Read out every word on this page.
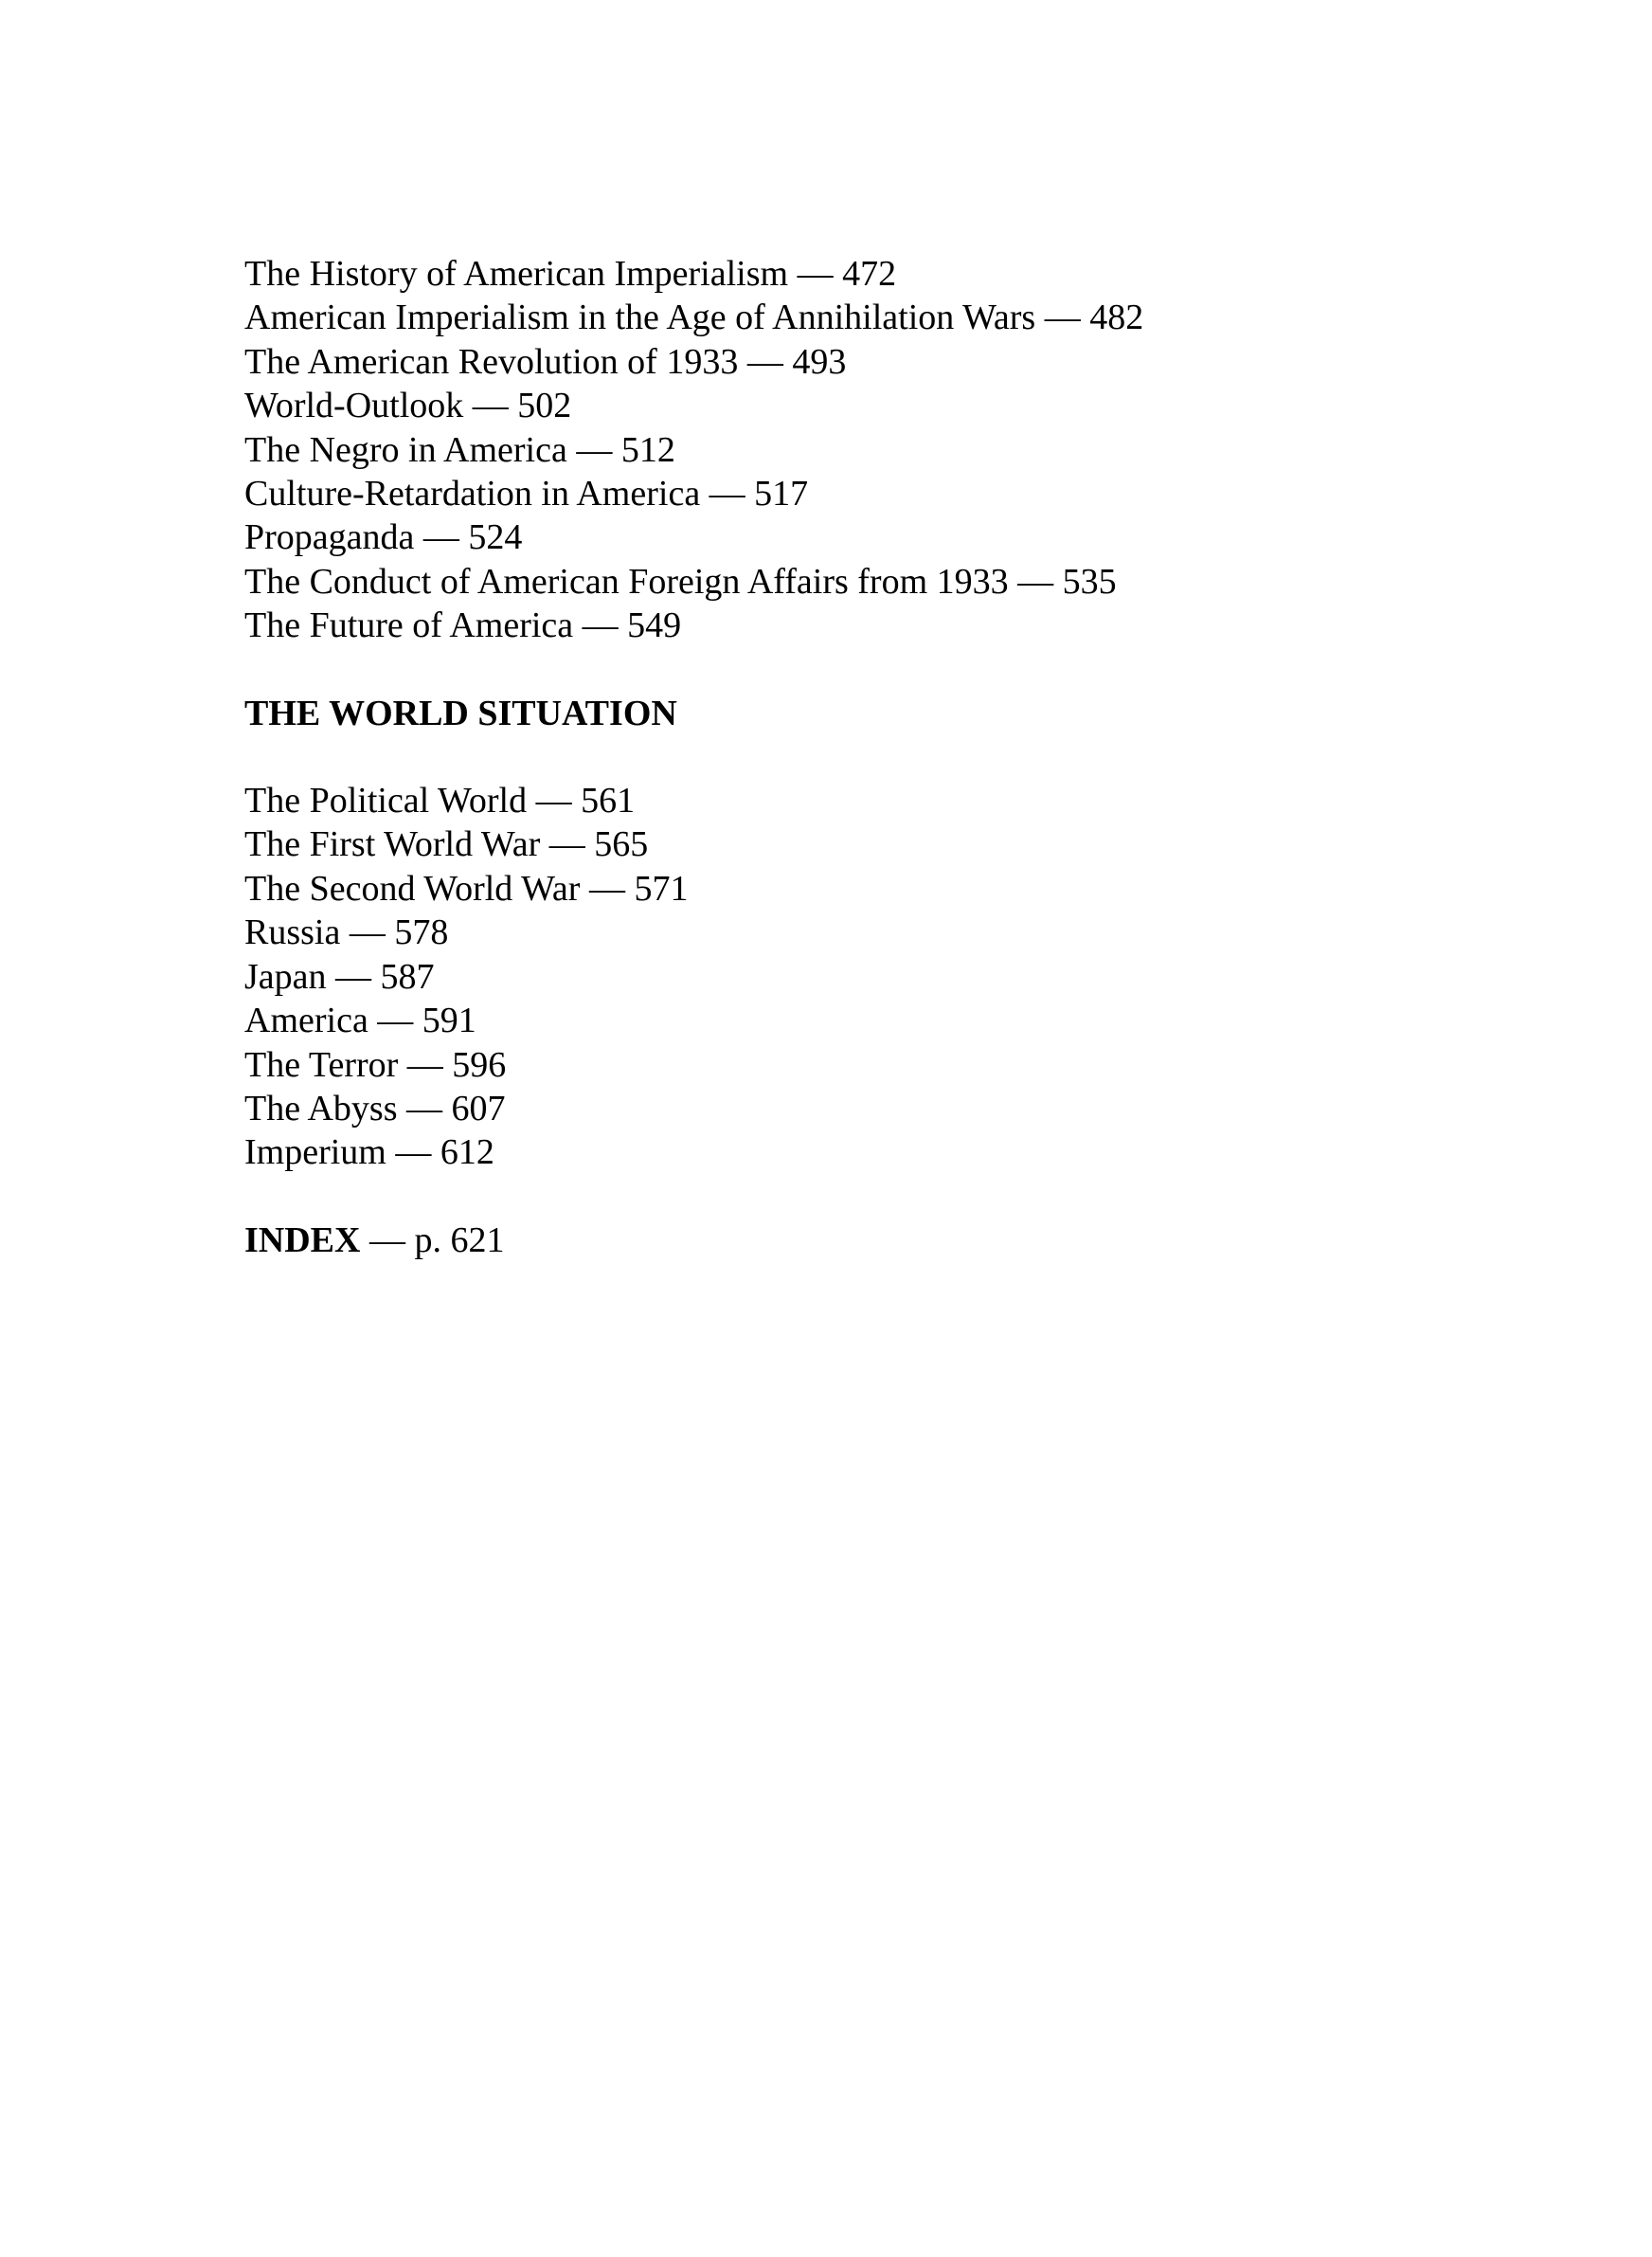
The History of American Imperialism — 472
American Imperialism in the Age of Annihilation Wars — 482
The American Revolution of 1933 — 493
World-Outlook — 502
The Negro in America — 512
Culture-Retardation in America — 517
Propaganda — 524
The Conduct of American Foreign Affairs from 1933 — 535
The Future of America — 549
THE WORLD SITUATION
The Political World — 561
The First World War — 565
The Second World War — 571
Russia — 578
Japan — 587
America — 591
The Terror — 596
The Abyss — 607
Imperium — 612
INDEX — p. 621
